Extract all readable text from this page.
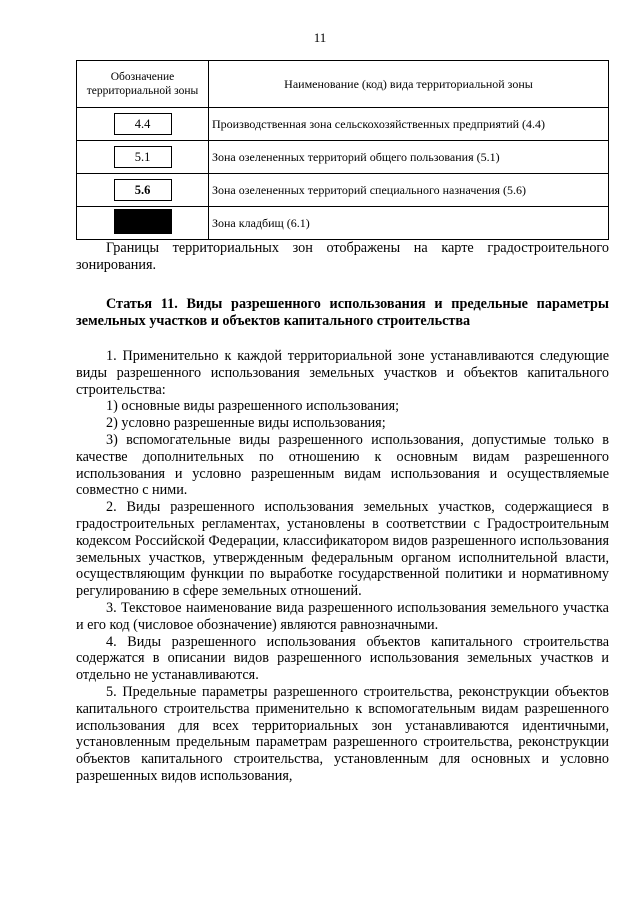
11
Обозначение территориальной зоны	Наименование (код) вида территориальной зоны
4.4	Производственная зона сельскохозяйственных предприятий (4.4)
5.1	Зона озелененных территорий общего пользования (5.1)
5.6	Зона озелененных территорий специального назначения (5.6)
	Зона кладбищ (6.1)

Границы территориальных зон отображены на карте градостроительного зонирования.

Статья 11. Виды разрешенного использования и предельные параметры земельных участков и объектов капитального строительства

1. Применительно к каждой территориальной зоне устанавливаются следующие виды разрешенного использования земельных участков и объектов капитального строительства:

1) основные виды разрешенного использования;

2) условно разрешенные виды использования;

3) вспомогательные виды разрешенного использования, допустимые только в качестве дополнительных по отношению к основным видам разрешенного использования и условно разрешенным видам использования и осуществляемые совместно с ними.

2. Виды разрешенного использования земельных участков, содержащиеся в градостроительных регламентах, установлены в соответствии с Градостроительным кодексом Российской Федерации, классификатором видов разрешенного использования земельных участков, утвержденным федеральным органом исполнительной власти, осуществляющим функции по выработке государственной политики и нормативному регулированию в сфере земельных отношений.

3. Текстовое наименование вида разрешенного использования земельного участка и его код (числовое обозначение) являются равнозначными.

4. Виды разрешенного использования объектов капитального строительства содержатся в описании видов разрешенного использования земельных участков и отдельно не устанавливаются.

5. Предельные параметры разрешенного строительства, реконструкции объектов капитального строительства применительно к вспомогательным видам разрешенного использования для всех территориальных зон устанавливаются идентичными, установленным предельным параметрам разрешенного строительства, реконструкции объектов капитального строительства, установленным для основных и условно разрешенных видов использования,
